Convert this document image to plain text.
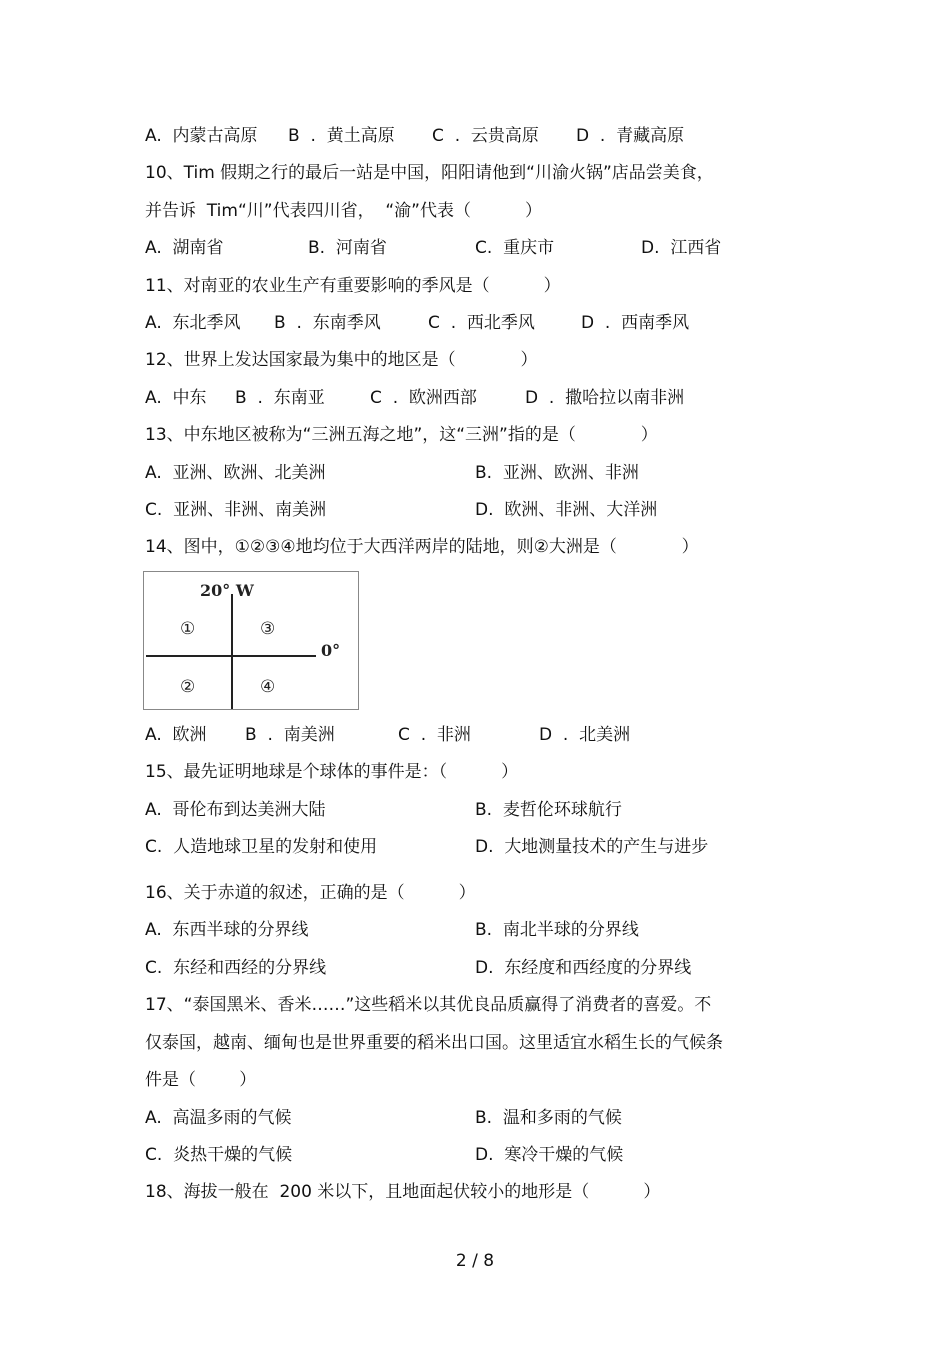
A. 内蒙古高原 B .  黄土高原 C .  云贵高原 D .  青藏高原
10、Tim 假期之行的最后一站是中国，阳阳请他到“川渝火锅”店品尝美食，
并告诉  Tim“川”代表四川省，  “渝”代表（          ）
A. 湖南省	B. 河南省	C. 重庆市	D. 江西省
11、对南亚的农业生产有重要影响的季风是（          ）
A. 东北季风 B .  东南季风	C .  西北季风	D .  西南季风
12、世界上发达国家最为集中的地区是（            ）
A. 中东 B .  东南亚	C .  欧洲西部	D .  撒哈拉以南非洲
13、中东地区被称为“三洲五海之地”，这“三洲”指的是（            ）
A. 亚洲、欧洲、北美洲	B. 亚洲、欧洲、非洲
C. 亚洲、非洲、南美洲	D. 欧洲、非洲、大洋洲
14、图中，①②③④地均位于大西洋两岸的陆地，则②大洲是（            ）
20° W
0°
①	③
②	④
A. 欧洲 B .  南美洲	C .  非洲	D .  北美洲
15、最先证明地球是个球体的事件是：（          ）
A. 哥伦布到达美洲大陆	B. 麦哲伦环球航行
C. 人造地球卫星的发射和使用	D. 大地测量技术的产生与进步
16、关于赤道的叙述，正确的是（          ）
A. 东西半球的分界线	B. 南北半球的分界线
C. 东经和西经的分界线	D. 东经度和西经度的分界线
17、“泰国黑米、香米……”这些稻米以其优良品质赢得了消费者的喜爱。不
仅泰国，越南、缅甸也是世界重要的稻米出口国。这里适宜水稻生长的气候条
件是（        ）
A. 高温多雨的气候	B. 温和多雨的气候
C. 炎热干燥的气候	D. 寒冷干燥的气候
18、海拔一般在  200 米以下，且地面起伏较小的地形是（          ）
2 / 8
